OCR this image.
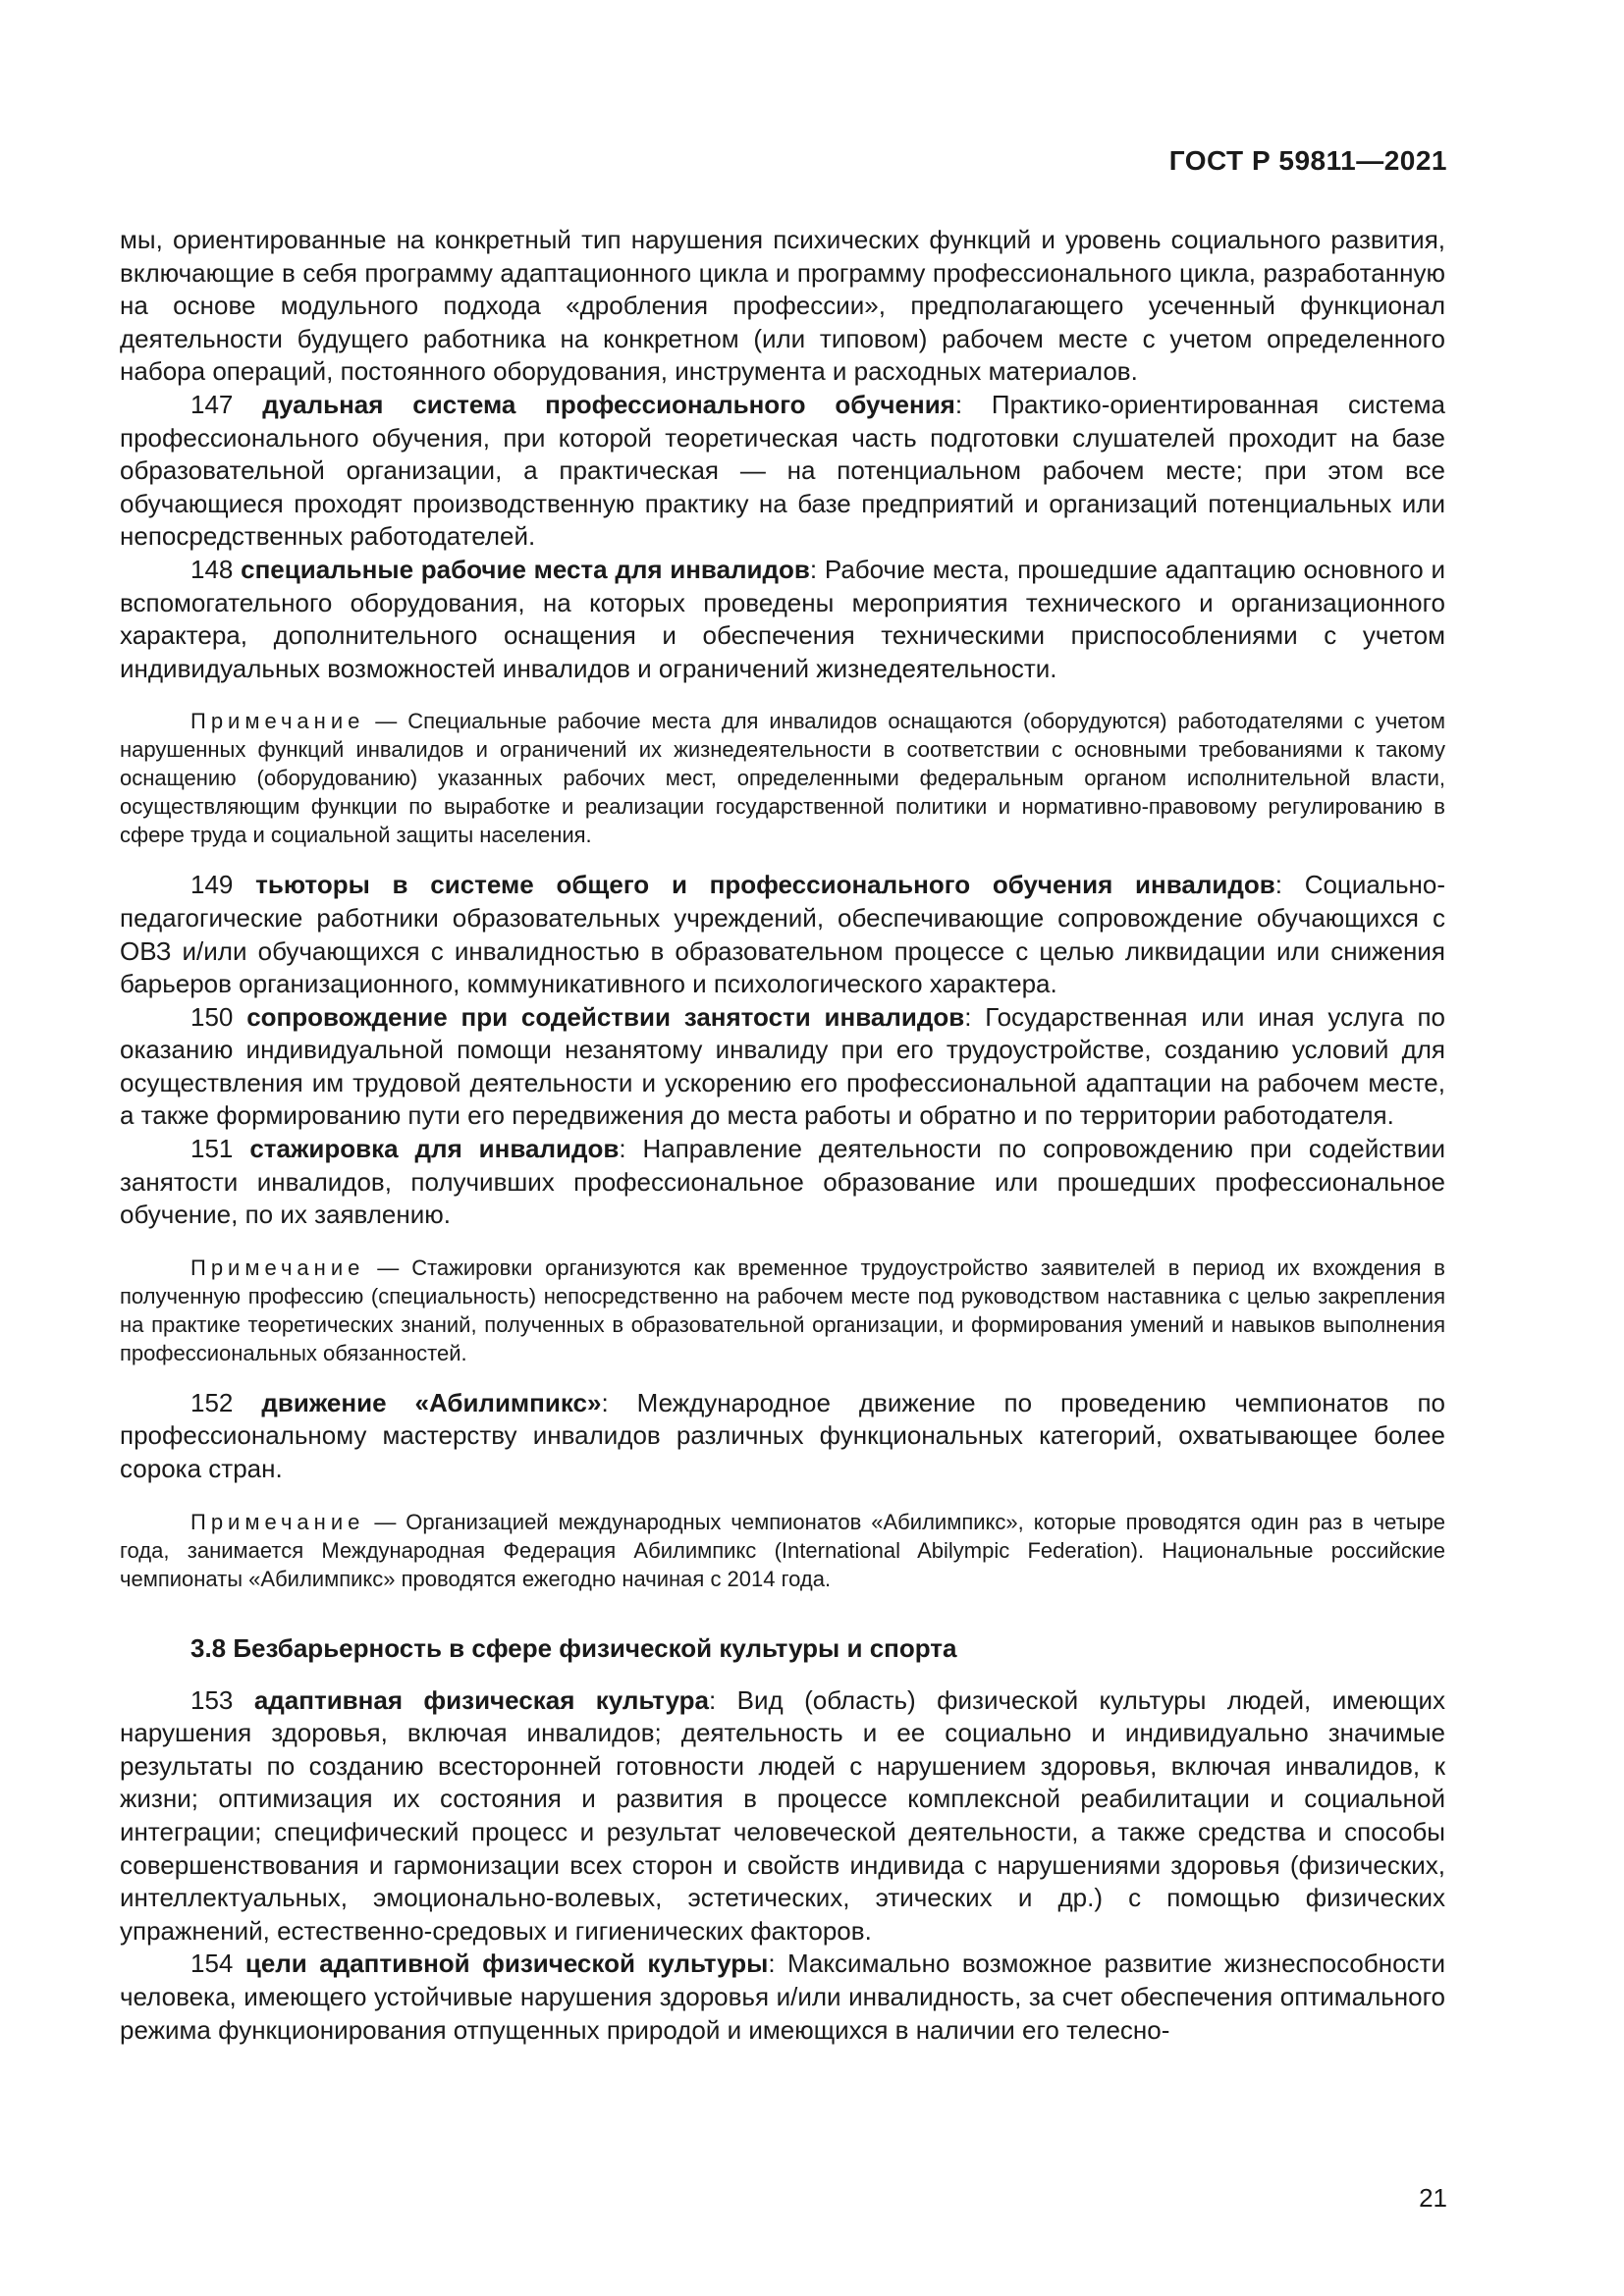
ГОСТ Р 59811—2021

мы, ориентированные на конкретный тип нарушения психических функций и уровень социального развития, включающие в себя программу адаптационного цикла и программу профессионального цикла, разработанную на основе модульного подхода «дробления профессии», предполагающего усеченный функционал деятельности будущего работника на конкретном (или типовом) рабочем месте с учетом определенного набора операций, постоянного оборудования, инструмента и расходных материалов.

147 дуальная система профессионального обучения: Практико-ориентированная система профессионального обучения, при которой теоретическая часть подготовки слушателей проходит на базе образовательной организации, а практическая — на потенциальном рабочем месте; при этом все обучающиеся проходят производственную практику на базе предприятий и организаций потенциальных или непосредственных работодателей.

148 специальные рабочие места для инвалидов: Рабочие места, прошедшие адаптацию основного и вспомогательного оборудования, на которых проведены мероприятия технического и организационного характера, дополнительного оснащения и обеспечения техническими приспособлениями с учетом индивидуальных возможностей инвалидов и ограничений жизнедеятельности.

Примечание — Специальные рабочие места для инвалидов оснащаются (оборудуются) работодателями с учетом нарушенных функций инвалидов и ограничений их жизнедеятельности в соответствии с основными требованиями к такому оснащению (оборудованию) указанных рабочих мест, определенными федеральным органом исполнительной власти, осуществляющим функции по выработке и реализации государственной политики и нормативно-правовому регулированию в сфере труда и социальной защиты населения.

149 тьюторы в системе общего и профессионального обучения инвалидов: Социально-педагогические работники образовательных учреждений, обеспечивающие сопровождение обучающихся с ОВЗ и/или обучающихся с инвалидностью в образовательном процессе с целью ликвидации или снижения барьеров организационного, коммуникативного и психологического характера.

150 сопровождение при содействии занятости инвалидов: Государственная или иная услуга по оказанию индивидуальной помощи незанятому инвалиду при его трудоустройстве, созданию условий для осуществления им трудовой деятельности и ускорению его профессиональной адаптации на рабочем месте, а также формированию пути его передвижения до места работы и обратно и по территории работодателя.

151 стажировка для инвалидов: Направление деятельности по сопровождению при содействии занятости инвалидов, получивших профессиональное образование или прошедших профессиональное обучение, по их заявлению.

Примечание — Стажировки организуются как временное трудоустройство заявителей в период их вхождения в полученную профессию (специальность) непосредственно на рабочем месте под руководством наставника с целью закрепления на практике теоретических знаний, полученных в образовательной организации, и формирования умений и навыков выполнения профессиональных обязанностей.

152 движение «Абилимпикс»: Международное движение по проведению чемпионатов по профессиональному мастерству инвалидов различных функциональных категорий, охватывающее более сорока стран.

Примечание — Организацией международных чемпионатов «Абилимпикс», которые проводятся один раз в четыре года, занимается Международная Федерация Абилимпикс (International Abilympic Federation). Национальные российские чемпионаты «Абилимпикс» проводятся ежегодно начиная с 2014 года.

3.8 Безбарьерность в сфере физической культуры и спорта

153 адаптивная физическая культура: Вид (область) физической культуры людей, имеющих нарушения здоровья, включая инвалидов; деятельность и ее социально и индивидуально значимые результаты по созданию всесторонней готовности людей с нарушением здоровья, включая инвалидов, к жизни; оптимизация их состояния и развития в процессе комплексной реабилитации и социальной интеграции; специфический процесс и результат человеческой деятельности, а также средства и способы совершенствования и гармонизации всех сторон и свойств индивида с нарушениями здоровья (физических, интеллектуальных, эмоционально-волевых, эстетических, этических и др.) с помощью физических упражнений, естественно-средовых и гигиенических факторов.

154 цели адаптивной физической культуры: Максимально возможное развитие жизнеспособности человека, имеющего устойчивые нарушения здоровья и/или инвалидность, за счет обеспечения оптимального режима функционирования отпущенных природой и имеющихся в наличии его телесно-

21
